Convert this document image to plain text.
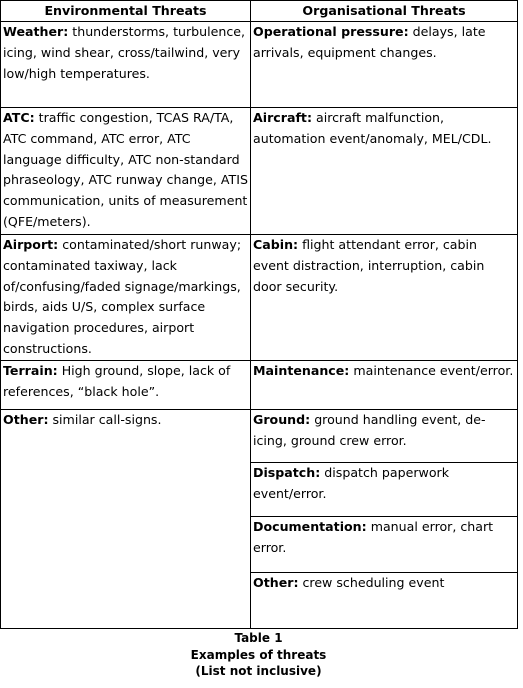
Environmental Threats	Organisational Threats
Weather: thunderstorms, turbulence, icing, wind shear, cross/tailwind, very low/high temperatures.	Operational pressure: delays, late arrivals, equipment changes.
ATC: traffic congestion, TCAS RA/TA, ATC command, ATC error, ATC language difficulty, ATC non-standard phraseology, ATC runway change, ATIS communication, units of measurement (QFE/meters).	Aircraft: aircraft malfunction, automation event/anomaly, MEL/CDL.
Airport: contaminated/short runway; contaminated taxiway, lack of/confusing/faded signage/markings, birds, aids U/S, complex surface navigation procedures, airport constructions.	Cabin: flight attendant error, cabin event distraction, interruption, cabin door security.
Terrain: High ground, slope, lack of references, “black hole”.	Maintenance: maintenance event/error.
Other: similar call-signs.	Ground: ground handling event, de-icing, ground crew error.
	Dispatch: dispatch paperwork event/error.
	Documentation: manual error, chart error.
	Other: crew scheduling event
Table 1
Examples of threats
(List not inclusive)
